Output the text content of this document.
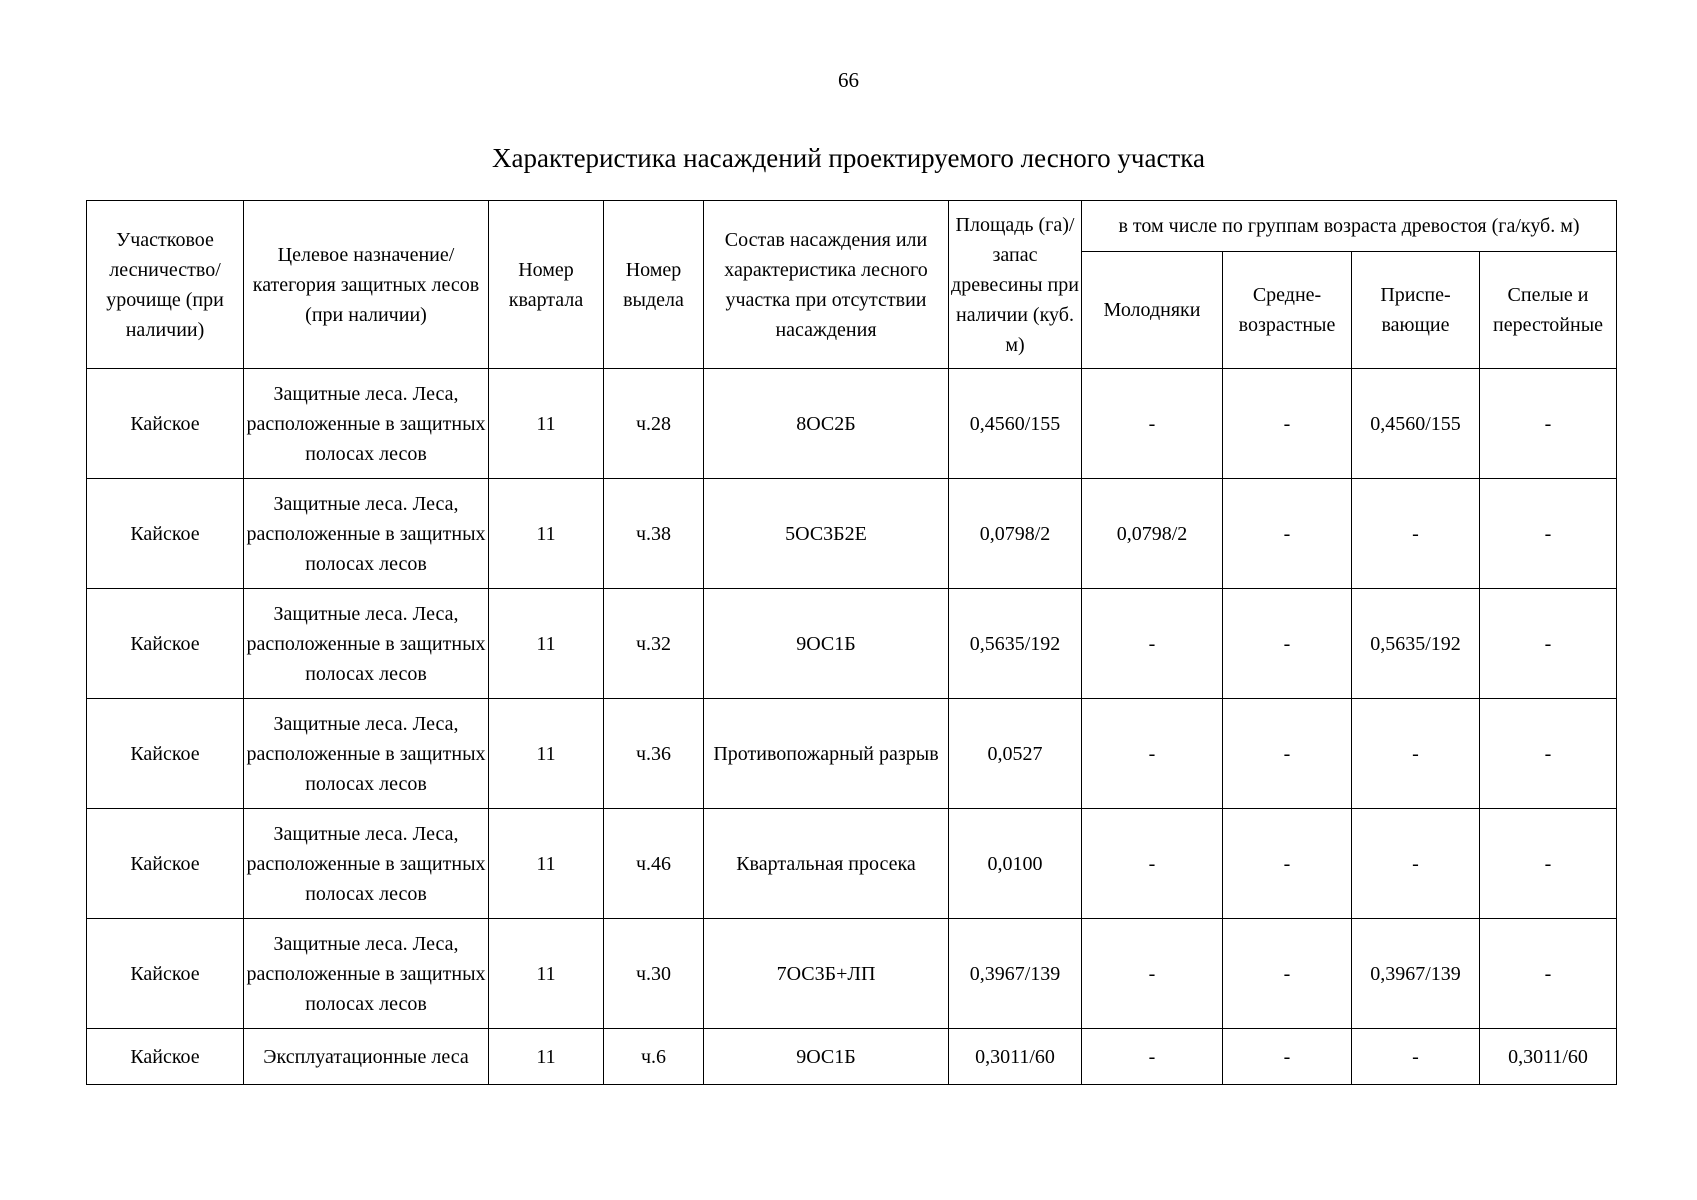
66
Характеристика насаждений проектируемого лесного участка
Участковое лесничество/ урочище (при наличии)	Целевое назначение/ категория защитных лесов (при наличии)	Номер квартала	Номер выдела	Состав насаждения или характеристика лесного участка при отсутствии насаждения	Площадь (га)/ запас древесины при наличии (куб. м)	в том числе по группам возраста древостоя (га/куб. м)			
						Молодняки	Средне-возрастные	Приспе-вающие	Спелые и перестойные
Кайское	Защитные леса. Леса, расположенные в защитных полосах лесов	11	ч.28	8ОС2Б	0,4560/155	-	-	0,4560/155	-
Кайское	Защитные леса. Леса, расположенные в защитных полосах лесов	11	ч.38	5ОС3Б2Е	0,0798/2	0,0798/2	-	-	-
Кайское	Защитные леса. Леса, расположенные в защитных полосах лесов	11	ч.32	9ОС1Б	0,5635/192	-	-	0,5635/192	-
Кайское	Защитные леса. Леса, расположенные в защитных полосах лесов	11	ч.36	Противопожарный разрыв	0,0527	-	-	-	-
Кайское	Защитные леса. Леса, расположенные в защитных полосах лесов	11	ч.46	Квартальная просека	0,0100	-	-	-	-
Кайское	Защитные леса. Леса, расположенные в защитных полосах лесов	11	ч.30	7ОС3Б+ЛП	0,3967/139	-	-	0,3967/139	-
Кайское	Эксплуатационные леса	11	ч.6	9ОС1Б	0,3011/60	-	-	-	0,3011/60
